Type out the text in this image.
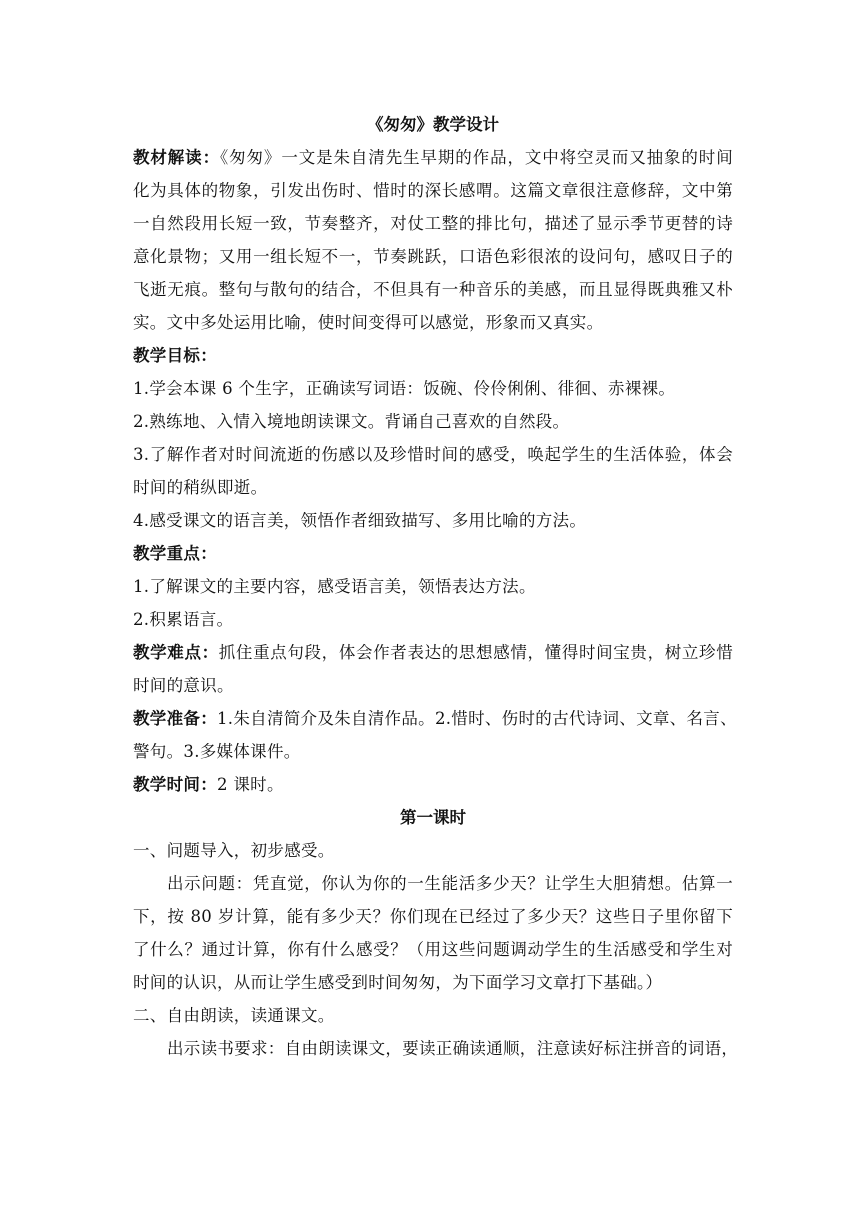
《匆匆》教学设计
教材解读：《匆匆》一文是朱自清先生早期的作品，文中将空灵而又抽象的时间
化为具体的物象，引发出伤时、惜时的深长感喟。这篇文章很注意修辞，文中第
一自然段用长短一致，节奏整齐，对仗工整的排比句，描述了显示季节更替的诗
意化景物；又用一组长短不一，节奏跳跃，口语色彩很浓的设问句，感叹日子的
飞逝无痕。整句与散句的结合，不但具有一种音乐的美感，而且显得既典雅又朴
实。文中多处运用比喻，使时间变得可以感觉，形象而又真实。
教学目标：
1.学会本课 6 个生字，正确读写词语：饭碗、伶伶俐俐、徘徊、赤裸裸。
2.熟练地、入情入境地朗读课文。背诵自己喜欢的自然段。
3.了解作者对时间流逝的伤感以及珍惜时间的感受，唤起学生的生活体验，体会
时间的稍纵即逝。
4.感受课文的语言美，领悟作者细致描写、多用比喻的方法。
教学重点：
1.了解课文的主要内容，感受语言美，领悟表达方法。
2.积累语言。
教学难点：抓住重点句段，体会作者表达的思想感情，懂得时间宝贵，树立珍惜
时间的意识。
教学准备：1.朱自清简介及朱自清作品。2.惜时、伤时的古代诗词、文章、名言、
警句。3.多媒体课件。
教学时间：2 课时。
第一课时
一、问题导入，初步感受。
出示问题：凭直觉，你认为你的一生能活多少天？让学生大胆猜想。估算一
下，按 80 岁计算，能有多少天？你们现在已经过了多少天？这些日子里你留下
了什么？通过计算，你有什么感受？（用这些问题调动学生的生活感受和学生对
时间的认识，从而让学生感受到时间匆匆，为下面学习文章打下基础。）
二、自由朗读，读通课文。
出示读书要求：自由朗读课文，要读正确读通顺，注意读好标注拼音的词语，
